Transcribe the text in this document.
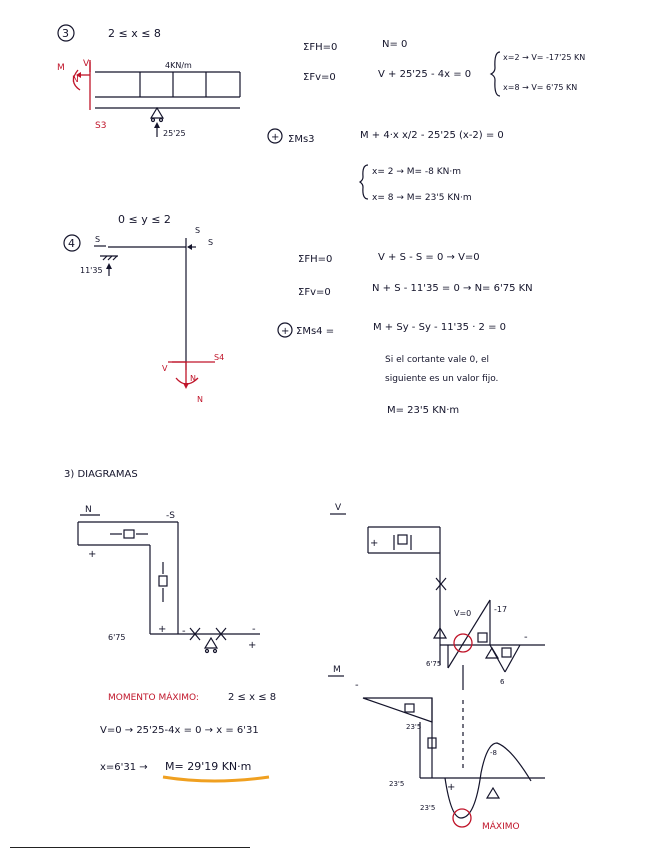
3	2 ≤ x ≤ 8
4KN/m
25'25
M V
N
S3
ΣFH=0	N= 0
ΣFv=0	V + 25'25 - 4x = 0
x=2 → V= -17'25 KN
x=8 → V= 6'75 KN
+ ΣMs3	M + 4·x x/2 - 25'25 (x-2) = 0
x= 2 → M= -8 KN·m
x= 8 → M= 23'5 KN·m
4
0 ≤ y ≤ 2
S
11'35
S
S
V
N
N
S4
ΣFH=0	V + S - S = 0 → V=0
ΣFv=0	N + S - 11'35 = 0 → N= 6'75 KN
+ ΣMs4 =	M + Sy - Sy - 11'35 · 2 = 0
Si el cortante vale 0, el
siguiente es un valor fijo.
M= 23'5 KN·m
3) DIAGRAMAS
N
-S
+
+
6'75
-	-
+
V
+
V=0	-17
6'75
6
-
M
-
23'5
23'5
23'5
-8
+
MÁXIMO
MOMENTO MÁXIMO:	2 ≤ x ≤ 8
V=0 → 25'25-4x = 0 → x = 6'31
x=6'31 → M= 29'19 KN·m
